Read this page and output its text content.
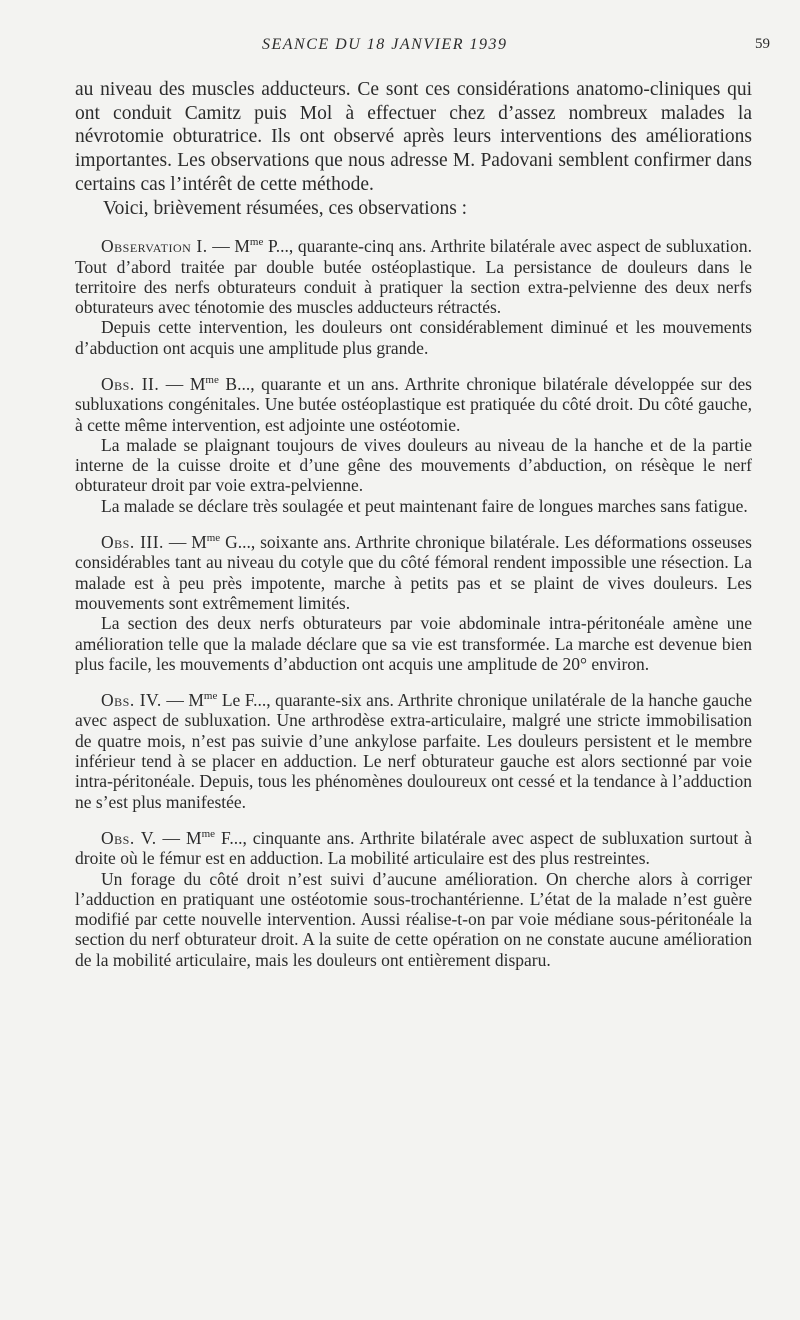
SEANCE DU 18 JANVIER 1939	59

au niveau des muscles adducteurs. Ce sont ces considérations anatomo-cliniques qui ont conduit Camitz puis Mol à effectuer chez d’assez nombreux malades la névrotomie obturatrice. Ils ont observé après leurs interventions des améliorations importantes. Les observations que nous adresse M. Padovani semblent confirmer dans certains cas l’intérêt de cette méthode.

Voici, brièvement résumées, ces observations :

Observation I. — $M^{me}$ P..., quarante-cinq ans. Arthrite bilatérale avec aspect de subluxation. Tout d’abord traitée par double butée ostéoplastique. La persistance de douleurs dans le territoire des nerfs obturateurs conduit à pratiquer la section extra-pelvienne des deux nerfs obturateurs avec ténotomie des muscles adducteurs rétractés.

Depuis cette intervention, les douleurs ont considérablement diminué et les mouvements d’abduction ont acquis une amplitude plus grande.

Obs. II. — $M^{me}$ B..., quarante et un ans. Arthrite chronique bilatérale développée sur des subluxations congénitales. Une butée ostéoplastique est pratiquée du côté droit. Du côté gauche, à cette même intervention, est adjointe une ostéotomie.

La malade se plaignant toujours de vives douleurs au niveau de la hanche et de la partie interne de la cuisse droite et d’une gêne des mouvements d’abduction, on résèque le nerf obturateur droit par voie extra-pelvienne.

La malade se déclare très soulagée et peut maintenant faire de longues marches sans fatigue.

Obs. III. — $M^{me}$ G..., soixante ans. Arthrite chronique bilatérale. Les déformations osseuses considérables tant au niveau du cotyle que du côté fémoral rendent impossible une résection. La malade est à peu près impotente, marche à petits pas et se plaint de vives douleurs. Les mouvements sont extrêmement limités.

La section des deux nerfs obturateurs par voie abdominale intra-péritonéale amène une amélioration telle que la malade déclare que sa vie est transformée. La marche est devenue bien plus facile, les mouvements d’abduction ont acquis une amplitude de 20° environ.

Obs. IV. — $M^{me}$ Le F..., quarante-six ans. Arthrite chronique unilatérale de la hanche gauche avec aspect de subluxation. Une arthrodèse extra-articulaire, malgré une stricte immobilisation de quatre mois, n’est pas suivie d’une ankylose parfaite. Les douleurs persistent et le membre inférieur tend à se placer en adduction. Le nerf obturateur gauche est alors sectionné par voie intra-péritonéale. Depuis, tous les phénomènes douloureux ont cessé et la tendance à l’adduction ne s’est plus manifestée.

Obs. V. — $M^{me}$ F..., cinquante ans. Arthrite bilatérale avec aspect de subluxation surtout à droite où le fémur est en adduction. La mobilité articulaire est des plus restreintes.

Un forage du côté droit n’est suivi d’aucune amélioration. On cherche alors à corriger l’adduction en pratiquant une ostéotomie sous-trochantérienne. L’état de la malade n’est guère modifié par cette nouvelle intervention. Aussi réalise-t-on par voie médiane sous-péritonéale la section du nerf obturateur droit. A la suite de cette opération on ne constate aucune amélioration de la mobilité articulaire, mais les douleurs ont entièrement disparu.
